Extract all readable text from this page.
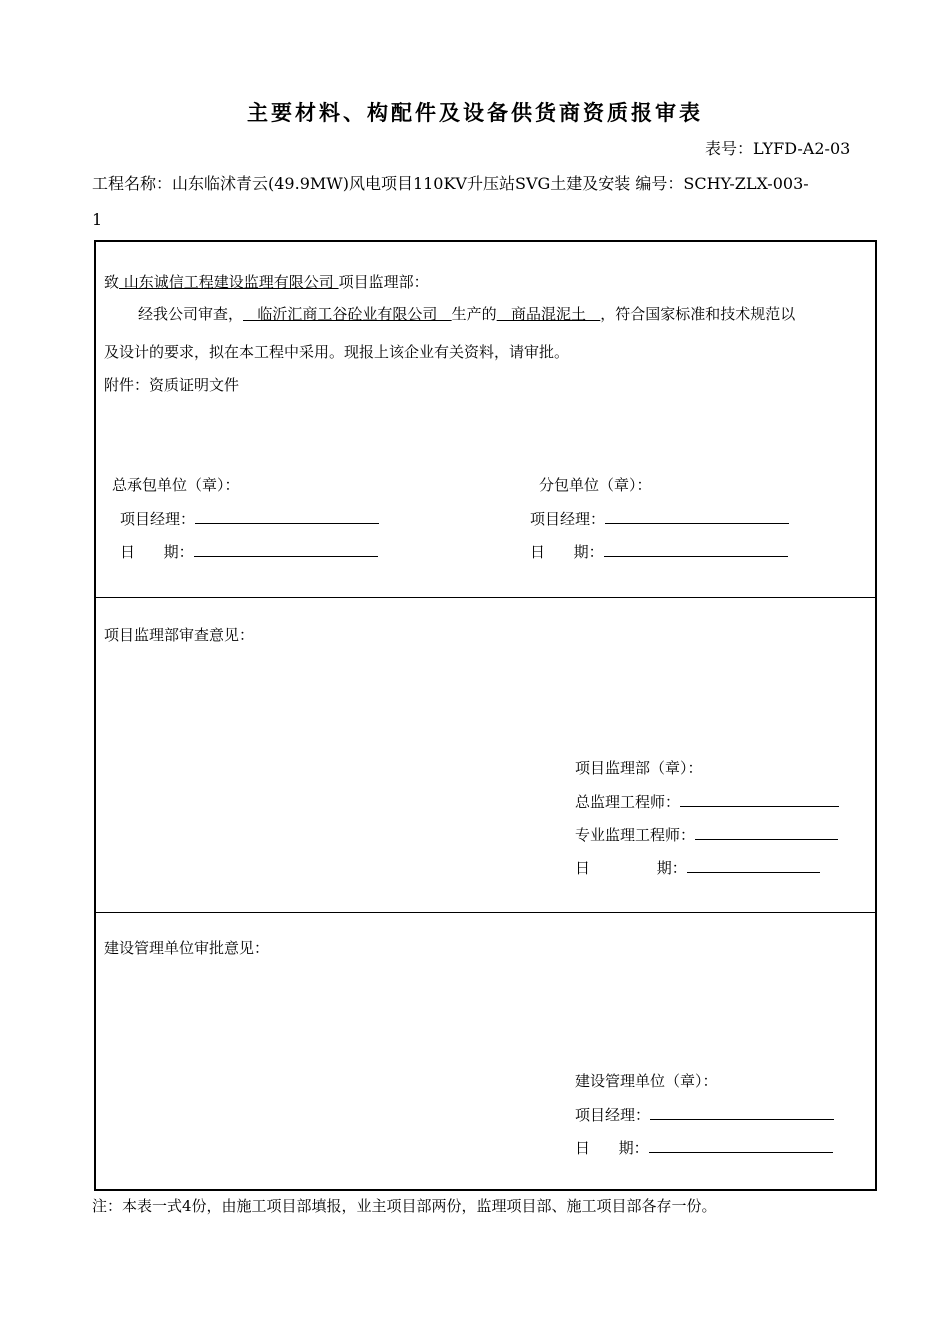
主要材料、构配件及设备供货商资质报审表
表号：LYFD-A2-03
工程名称：山东临沭青云(49.9MW)风电项目110KV升压站SVG土建及安装 编号：SCHY-ZLX-003-
1
致 山东诚信工程建设监理有限公司 项目监理部：
经我公司审查，   临沂汇商工谷砼业有限公司   生产的   商品混泥土   ，符合国家标准和技术规范以
及设计的要求，拟在本工程中采用。现报上该企业有关资料，请审批。
附件：资质证明文件
总承包单位（章）：	分包单位（章）：
项目经理：	项目经理：
日      期：	日      期：
项目监理部审查意见：
项目监理部（章）：
总监理工程师：
专业监理工程师：
日              期：
建设管理单位审批意见：
建设管理单位（章）：
项目经理：
日      期：
注：本表一式4份，由施工项目部填报，业主项目部两份，监理项目部、施工项目部各存一份。
